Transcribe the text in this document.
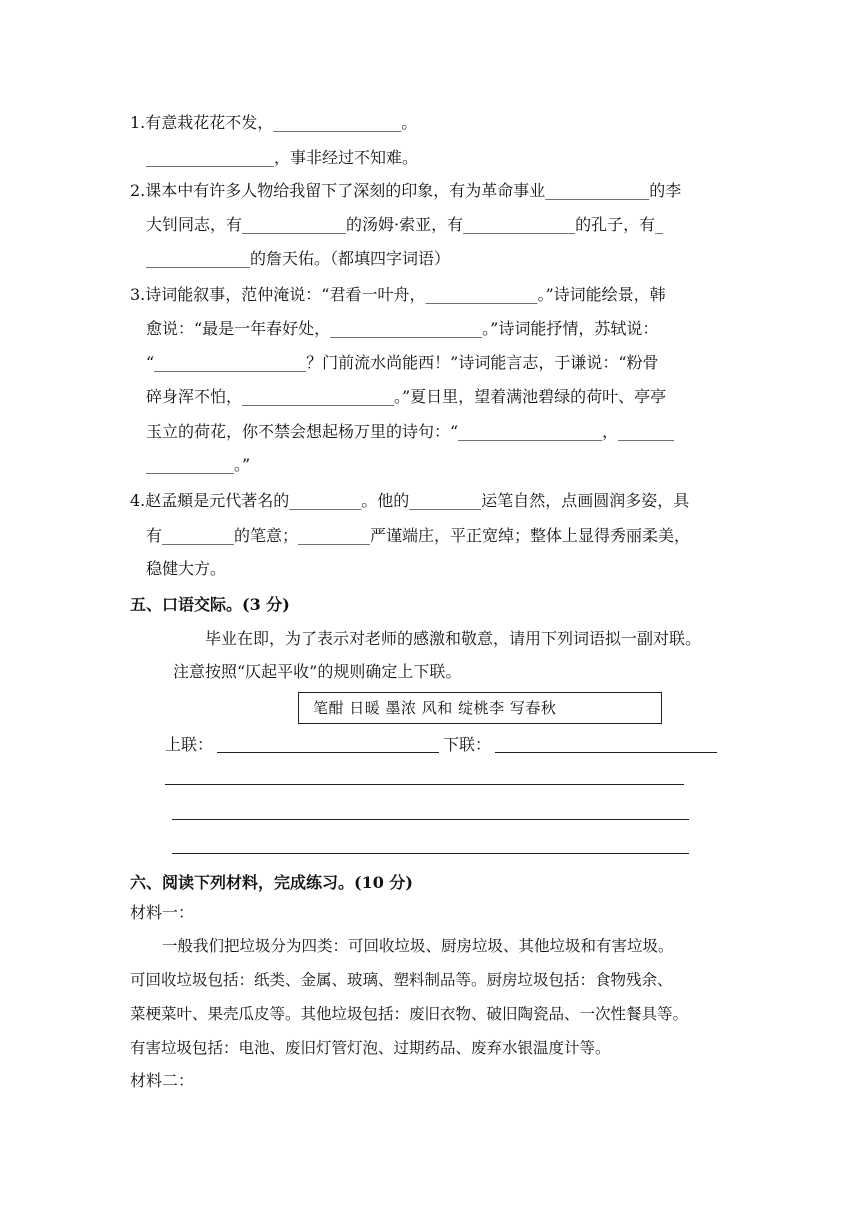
1.有意栽花花不发，________________。
________________，事非经过不知难。
2.课本中有许多人物给我留下了深刻的印象，有为革命事业_____________的李
大钊同志，有_____________的汤姆·索亚，有______________的孔子，有_
_____________的詹天佑。（都填四字词语）
3.诗词能叙事，范仲淹说：“君看一叶舟，______________。”诗词能绘景，韩
愈说：“最是一年春好处，___________________。”诗词能抒情，苏轼说：
“___________________？门前流水尚能西！”诗词能言志，于谦说：“粉骨
碎身浑不怕，___________________。”夏日里，望着满池碧绿的荷叶、亭亭
玉立的荷花，你不禁会想起杨万里的诗句：“__________________，_______
___________。”
4.赵孟頫是元代著名的_________。他的_________运笔自然，点画圆润多姿，具
有_________的笔意；_________严谨端庄，平正宽绰；整体上显得秀丽柔美，
稳健大方。
五、口语交际。(3 分)
毕业在即，为了表示对老师的感激和敬意，请用下列词语拟一副对联。
注意按照“仄起平收”的规则确定上下联。
笔酣 日暖 墨浓 风和 绽桃李 写春秋
上联：	下联：
六、阅读下列材料，完成练习。(10 分)
材料一：
一般我们把垃圾分为四类：可回收垃圾、厨房垃圾、其他垃圾和有害垃圾。
可回收垃圾包括：纸类、金属、玻璃、塑料制品等。厨房垃圾包括：食物残余、
菜梗菜叶、果壳瓜皮等。其他垃圾包括：废旧衣物、破旧陶瓷品、一次性餐具等。
有害垃圾包括：电池、废旧灯管灯泡、过期药品、废弃水银温度计等。
材料二：
